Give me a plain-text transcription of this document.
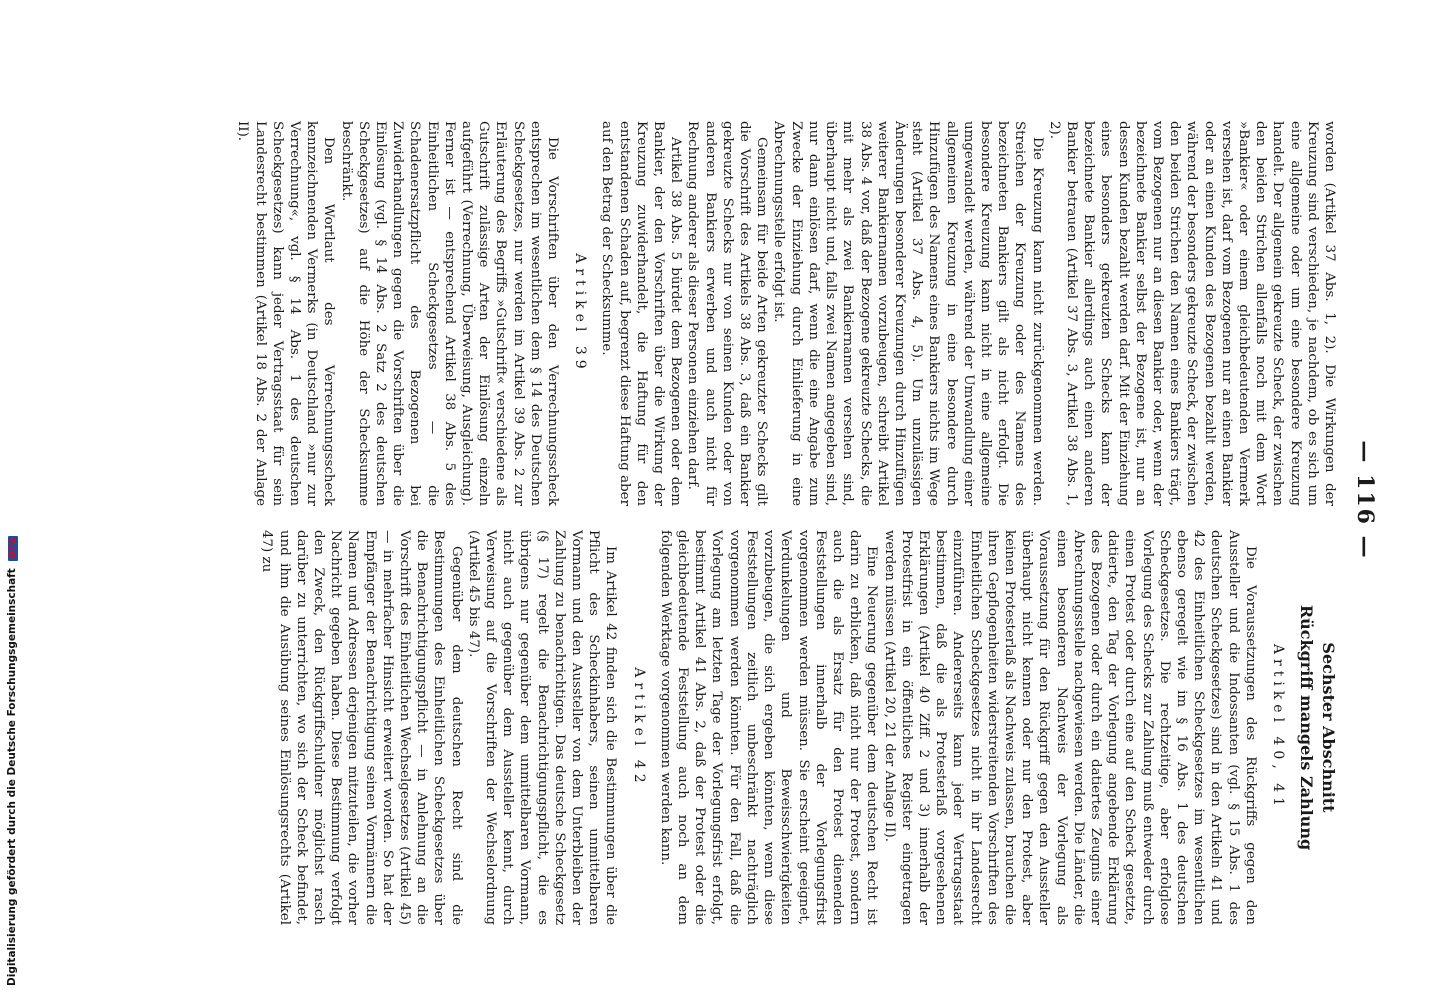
Digitalisierung gefördert durch die Deutsche Forschungsgemeinschaft DFG	— 116 —

worden (Artikel 37 Abs. 1, 2). Die Wirkungen der Kreuzung sind verschieden, je nachdem, ob es sich um eine allgemeine oder um eine besondere Kreuzung handelt. Der allgemein gekreuzte Scheck, der zwischen den beiden Strichen allenfalls noch mit dem Wort »Bankier« oder einem gleichbedeutenden Vermerk versehen ist, darf vom Bezogenen nur an einen Bankier oder an einen Kunden des Bezogenen bezahlt werden, während der besonders gekreuzte Scheck, der zwischen den beiden Strichen den Namen eines Bankiers trägt, vom Bezogenen nur an diesen Bankier oder, wenn der bezeichnete Bankier selbst der Bezogene ist, nur an dessen Kunden bezahlt werden darf. Mit der Einziehung eines besonders gekreuzten Schecks kann der bezeichnete Bankier allerdings auch einen anderen Bankier betrauen (Artikel 37 Abs. 3, Artikel 38 Abs. 1, 2).

Die Kreuzung kann nicht zurückgenommen werden. Streichen der Kreuzung oder des Namens des bezeichneten Bankiers gilt als nicht erfolgt. Die besondere Kreuzung kann nicht in eine allgemeine umgewandelt werden, während der Umwandlung einer allgemeinen Kreuzung in eine besondere durch Hinzufügen des Namens eines Bankiers nichts im Wege steht (Artikel 37 Abs. 4, 5). Um unzulässigen Änderungen besonderer Kreuzungen durch Hinzufügen weiterer Bankiernamen vorzubeugen, schreibt Artikel 38 Abs. 4 vor, daß der Bezogene gekreuzte Schecks, die mit mehr als zwei Bankiernamen versehen sind, überhaupt nicht und, falls zwei Namen angegeben sind, nur dann einlösen darf, wenn die eine Angabe zum Zwecke der Einziehung durch Einlieferung in eine Abrechnungsstelle erfolgt ist.

Gemeinsam für beide Arten gekreuzter Schecks gilt die Vorschrift des Artikels 38 Abs. 3, daß ein Bankier gekreuzte Schecks nur von seinen Kunden oder von anderen Bankiers erwerben und auch nicht für Rechnung anderer als dieser Personen einziehen darf.

Artikel 38 Abs. 5 bürdet dem Bezogenen oder dem Bankier, der den Vorschriften über die Wirkung der Kreuzung zuwiderhandelt, die Haftung für den entstandenen Schaden auf, begrenzt diese Haftung aber auf den Betrag der Schecksumme.

Artikel 39

Die Vorschriften über den Verrechnungsscheck entsprechen im wesentlichen dem § 14 des Deutschen Scheckgesetzes, nur werden im Artikel 39 Abs. 2 zur Erläuterung des Begriffs »Gutschrift« verschiedene als Gutschrift zulässige Arten der Einlösung einzeln aufgeführt (Verrechnung, Überweisung, Ausgleichung). Ferner ist — entsprechend Artikel 38 Abs. 5 des Einheitlichen Scheckgesetzes — die Schadenersatzpflicht des Bezogenen bei Zuwiderhandlungen gegen die Vorschriften über die Einlösung (vgl. § 14 Abs. 2 Satz 2 des deutschen Scheckgesetzes) auf die Höhe der Schecksumme beschränkt.

Den Wortlaut des Verrechnungsscheck kennzeichnenden Vermerks (in Deutschland »nur zur Verrechnung«, vgl. § 14 Abs. 1 des deutschen Scheckgesetzes) kann jeder Vertragsstaat für sein Landesrecht bestimmen (Artikel 18 Abs. 2 der Anlage II).

Sechster Abschnitt
Rückgriff mangels Zahlung
Artikel 40, 41

Die Voraussetzungen des Rückgriffs gegen den Aussteller und die Indossanten (vgl. § 15 Abs. 1 des deutschen Scheckgesetzes) sind in den Artikeln 41 und 42 des Einheitlichen Scheckgesetzes im wesentlichen ebenso geregelt wie im § 16 Abs. 1 des deutschen Scheckgesetzes. Die rechtzeitige, aber erfolglose Vorlegung des Schecks zur Zahlung muß entweder durch einen Protest oder durch eine auf den Scheck gesetzte, datierte, den Tag der Vorlegung angebende Erklärung des Bezogenen oder durch ein datiertes Zeugnis einer Abrechnungsstelle nachgewiesen werden. Die Länder, die einen besonderen Nachweis der Vorlegung als Voraussetzung für den Rückgriff gegen den Aussteller überhaupt nicht kennen oder nur den Protest, aber keinen Protesterlaß als Nachweis zulassen, brauchen die ihren Gepflogenheiten widerstreitenden Vorschriften des Einheitlichen Scheckgesetzes nicht in ihr Landesrecht einzuführen. Andererseits kann jeder Vertragsstaat bestimmen, daß die als Protesterlaß vorgesehenen Erklärungen (Artikel 40 Ziff. 2 und 3) innerhalb der Protestfrist in ein öffentliches Register eingetragen werden müssen (Artikel 20, 21 der Anlage II).

Eine Neuerung gegenüber dem deutschen Recht ist darin zu erblicken, daß nicht nur der Protest, sondern auch die als Ersatz für den Protest dienenden Feststellungen innerhalb der Vorlegungsfrist vorgenommen werden müssen. Sie erscheint geeignet, Verdunkelungen und Beweisschwierigkeiten vorzubeugen, die sich ergeben könnten, wenn diese Feststellungen zeitlich unbeschränkt nachträglich vorgenommen werden könnten. Für den Fall, daß die Vorlegung am letzten Tage der Vorlegungsfrist erfolgt, bestimmt Artikel 41 Abs. 2, daß der Protest oder die gleichbedeutende Feststellung auch noch an dem folgenden Werktage vorgenommen werden kann.

Artikel 42

Im Artikel 42 finden sich die Bestimmungen über die Pflicht des Scheckinhabers, seinen unmittelbaren Vormann und den Aussteller von dem Unterbleiben der Zahlung zu benachrichtigen. Das deutsche Scheckgesetz (§ 17) regelt die Benachrichtigungspflicht, die es übrigens nur gegenüber dem unmittelbaren Vormann, nicht auch gegenüber dem Aussteller kennt, durch Verweisung auf die Vorschriften der Wechselordnung (Artikel 45 bis 47).

Gegenüber dem deutschen Recht sind die Bestimmungen des Einheitlichen Scheckgesetzes über die Benachrichtigungspflicht — in Anlehnung an die Vorschrift des Einheitlichen Wechselgesetzes (Artikel 45) — in mehrfacher Hinsicht erweitert worden. So hat der Empfänger der Benachrichtigung seinen Vormännern die Namen und Adressen derjenigen mitzuteilen, die vorher Nachricht gegeben haben. Diese Bestimmung verfolgt den Zweck, den Rückgriffschuldner möglichst rasch darüber zu unterrichten, wo sich der Scheck befindet, und ihm die Ausübung seines Einlösungsrechts (Artikel 47) zu
